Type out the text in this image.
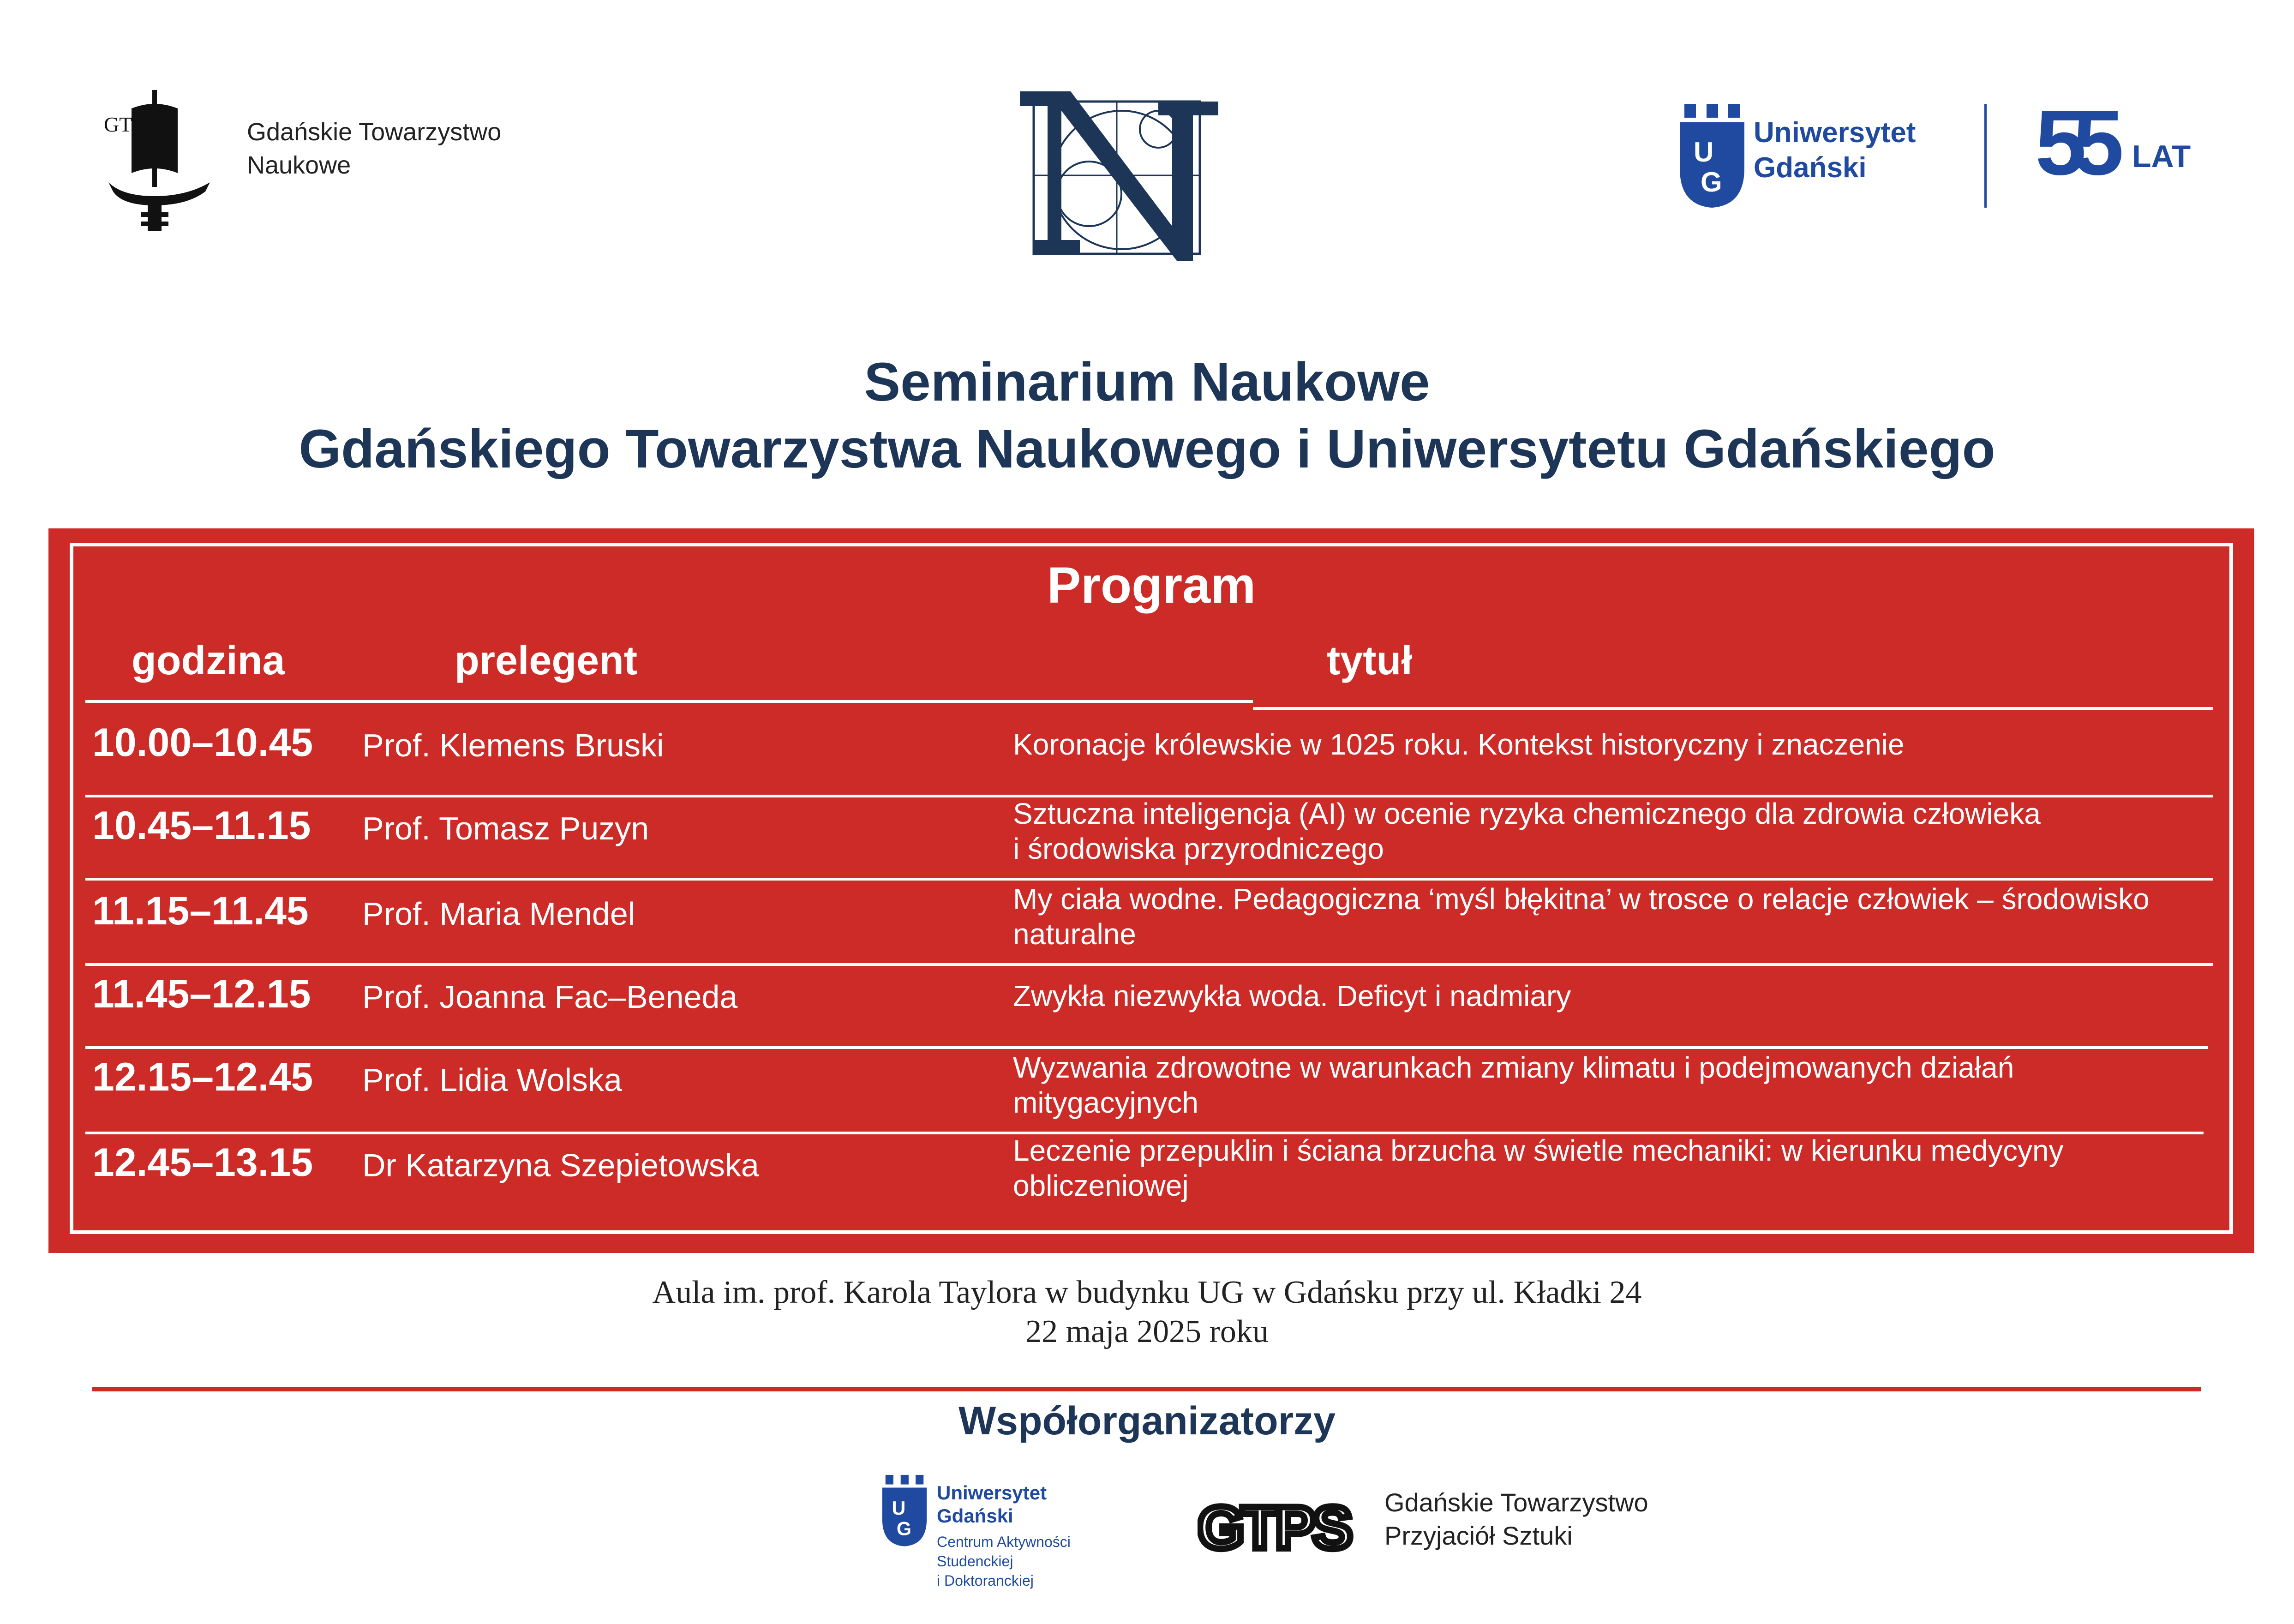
GTN	Gdańskie Towarzystwo
Naukowe	U
G
Uniwersytet
Gdański	55 LAT
Seminarium Naukowe
Gdańskiego Towarzystwa Naukowego i Uniwersytetu Gdańskiego
Program
godzina	prelegent	tytuł
10.00–10.45 Prof. Klemens Bruski	Koronacje królewskie w 1025 roku. Kontekst historyczny i znaczenie
10.45–11.15 Prof. Tomasz Puzyn	Sztuczna inteligencja (AI) w ocenie ryzyka chemicznego dla zdrowia człowieka
i środowiska przyrodniczego
11.15–11.45 Prof. Maria Mendel	My ciała wodne. Pedagogiczna ‘myśl błękitna’ w trosce o relacje człowiek – środowisko
naturalne
11.45–12.15 Prof. Joanna Fac–Beneda	Zwykła niezwykła woda. Deficyt i nadmiary
12.15–12.45 Prof. Lidia Wolska	Wyzwania zdrowotne w warunkach zmiany klimatu i podejmowanych działań
mitygacyjnych
12.45–13.15 Dr Katarzyna Szepietowska	Leczenie przepuklin i ściana brzucha w świetle mechaniki: w kierunku medycyny
obliczeniowej
Aula im. prof. Karola Taylora w budynku UG w Gdańsku przy ul. Kładki 24
22 maja 2025 roku
Współorganizatorzy
U
G
Uniwersytet
Gdański
Centrum Aktywności
Studenckiej
i Doktoranckiej
GTPS Gdańskie Towarzystwo
Przyjaciół Sztuki
